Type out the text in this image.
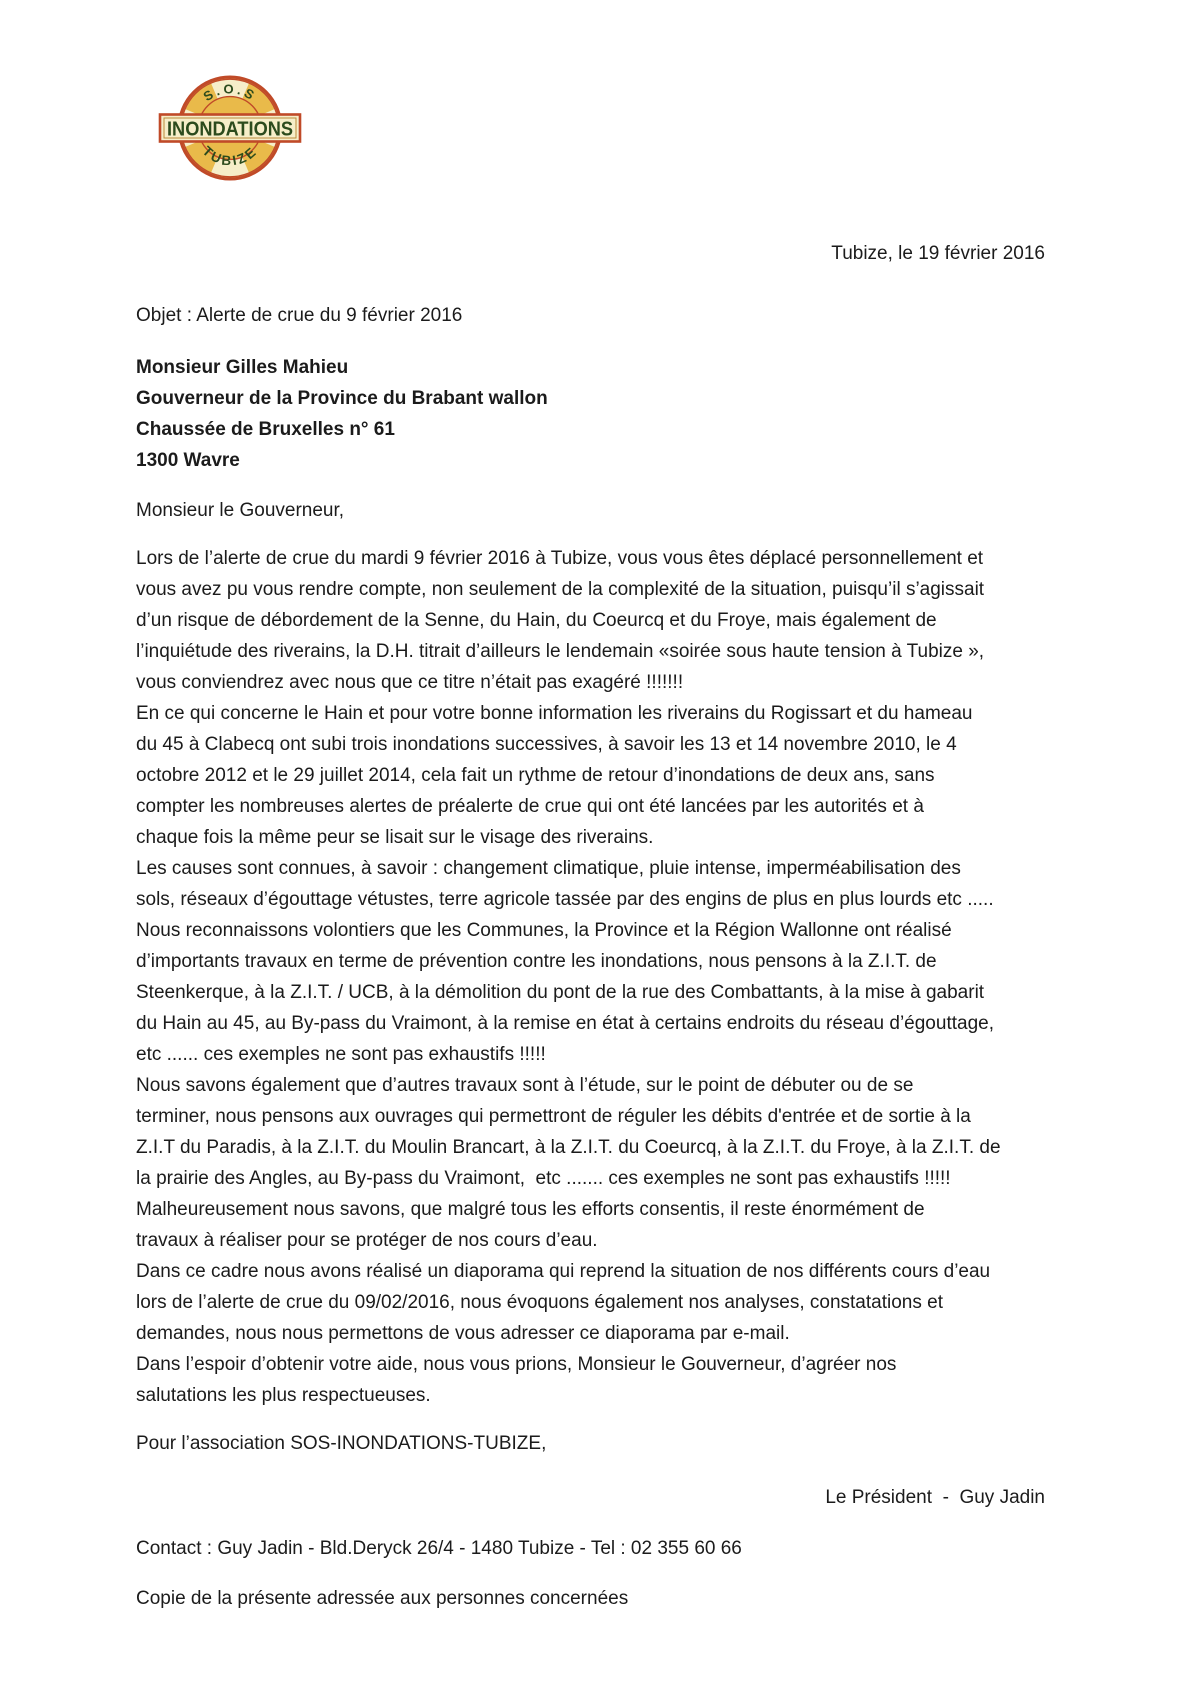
S.O.S
INONDATIONS
TUBIZE
Tubize, le 19 février 2016
Objet : Alerte de crue du 9 février 2016
Monsieur Gilles Mahieu
Gouverneur de la Province du Brabant wallon
Chaussée de Bruxelles n° 61
1300 Wavre
Monsieur le Gouverneur,
Lors de l’alerte de crue du mardi 9 février 2016 à Tubize, vous vous êtes déplacé personnellement et
vous avez pu vous rendre compte, non seulement de la complexité de la situation, puisqu’il s’agissait
d’un risque de débordement de la Senne, du Hain, du Coeurcq et du Froye, mais également de
l’inquiétude des riverains, la D.H. titrait d’ailleurs le lendemain «soirée sous haute tension à Tubize »,
vous conviendrez avec nous que ce titre n’était pas exagéré !!!!!!!
En ce qui concerne le Hain et pour votre bonne information les riverains du Rogissart et du hameau
du 45 à Clabecq ont subi trois inondations successives, à savoir les 13 et 14 novembre 2010, le 4
octobre 2012 et le 29 juillet 2014, cela fait un rythme de retour d’inondations de deux ans, sans
compter les nombreuses alertes de préalerte de crue qui ont été lancées par les autorités et à
chaque fois la même peur se lisait sur le visage des riverains.
Les causes sont connues, à savoir : changement climatique, pluie intense, imperméabilisation des
sols, réseaux d’égouttage vétustes, terre agricole tassée par des engins de plus en plus lourds etc .....
Nous reconnaissons volontiers que les Communes, la Province et la Région Wallonne ont réalisé
d’importants travaux en terme de prévention contre les inondations, nous pensons à la Z.I.T. de
Steenkerque, à la Z.I.T. / UCB, à la démolition du pont de la rue des Combattants, à la mise à gabarit
du Hain au 45, au By-pass du Vraimont, à la remise en état à certains endroits du réseau d’égouttage,
etc ...... ces exemples ne sont pas exhaustifs !!!!!
Nous savons également que d’autres travaux sont à l’étude, sur le point de débuter ou de se
terminer, nous pensons aux ouvrages qui permettront de réguler les débits d'entrée et de sortie à la
Z.I.T du Paradis, à la Z.I.T. du Moulin Brancart, à la Z.I.T. du Coeurcq, à la Z.I.T. du Froye, à la Z.I.T. de
la prairie des Angles, au By-pass du Vraimont,  etc ....... ces exemples ne sont pas exhaustifs !!!!!
Malheureusement nous savons, que malgré tous les efforts consentis, il reste énormément de
travaux à réaliser pour se protéger de nos cours d’eau.
Dans ce cadre nous avons réalisé un diaporama qui reprend la situation de nos différents cours d’eau
lors de l’alerte de crue du 09/02/2016, nous évoquons également nos analyses, constatations et
demandes, nous nous permettons de vous adresser ce diaporama par e-mail.
Dans l’espoir d’obtenir votre aide, nous vous prions, Monsieur le Gouverneur, d’agréer nos
salutations les plus respectueuses.
Pour l’association SOS-INONDATIONS-TUBIZE,
Le Président  -  Guy Jadin
Contact : Guy Jadin - Bld.Deryck 26/4 - 1480 Tubize - Tel : 02 355 60 66
Copie de la présente adressée aux personnes concernées
